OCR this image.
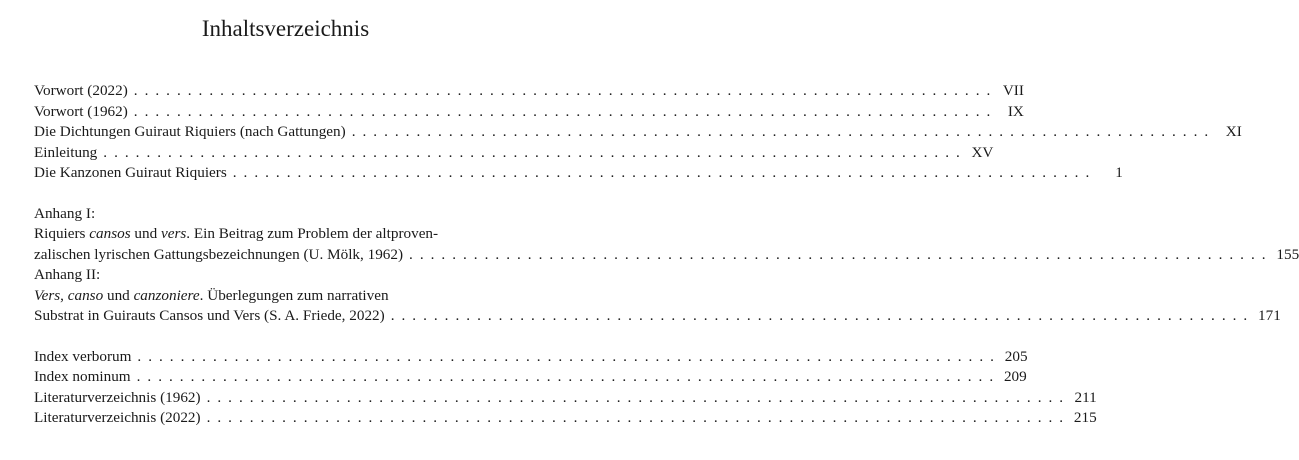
Inhaltsverzeichnis
Vorwort (2022) . . . . . . . . . . . . . . . . . . . . . . . . . . . . . . . . . . . . . . . . . . . . . . . . . . . . . . . . . . . . . . . . . . . . . . . . . . . . . . . . VII
Vorwort (1962) . . . . . . . . . . . . . . . . . . . . . . . . . . . . . . . . . . . . . . . . . . . . . . . . . . . . . . . . . . . . . . . . . . . . . . . . . . . . . . . .	IX
Die Dichtungen Guiraut Riquiers (nach Gattungen) . . . . . . . . . . . . . . . . . . . . . . . . . . . . . . . . . . . . . . . . . . . . . . . . . . . . . . . . . . . . . . . . . . . . . . . . . . . . . . . .	XI
Einleitung . . . . . . . . . . . . . . . . . . . . . . . . . . . . . . . . . . . . . . . . . . . . . . . . . . . . . . . . . . . . . . . . . . . . . . . . . . . . . . . . XV
Die Kanzonen Guiraut Riquiers . . . . . . . . . . . . . . . . . . . . . . . . . . . . . . . . . . . . . . . . . . . . . . . . . . . . . . . . . . . . . . . . . . . . . . . . . . . . . . . .	1
Anhang I:
Riquiers cansos und vers. Ein Beitrag zum Problem der altproven-
zalischen lyrischen Gattungsbezeichnungen (U. Mölk, 1962) . . . . . . . . . . . . . . . . . . . . . . . . . . . . . . . . . . . . . . . . . . . . . . . . . . . . . . . . . . . . . . . . . . . . . . . . . . . . . . . . 155
Anhang II:
Vers, canso und canzoniere. Überlegungen zum narrativen
Substrat in Guirauts Cansos und Vers (S. A. Friede, 2022) . . . . . . . . . . . . . . . . . . . . . . . . . . . . . . . . . . . . . . . . . . . . . . . . . . . . . . . . . . . . . . . . . . . . . . . . . . . . . . . . 171
Index verborum . . . . . . . . . . . . . . . . . . . . . . . . . . . . . . . . . . . . . . . . . . . . . . . . . . . . . . . . . . . . . . . . . . . . . . . . . . . . . . . . 205
Index nominum . . . . . . . . . . . . . . . . . . . . . . . . . . . . . . . . . . . . . . . . . . . . . . . . . . . . . . . . . . . . . . . . . . . . . . . . . . . . . . . . 209
Literaturverzeichnis (1962) . . . . . . . . . . . . . . . . . . . . . . . . . . . . . . . . . . . . . . . . . . . . . . . . . . . . . . . . . . . . . . . . . . . . . . . . . . . . . . . . 211
Literaturverzeichnis (2022) . . . . . . . . . . . . . . . . . . . . . . . . . . . . . . . . . . . . . . . . . . . . . . . . . . . . . . . . . . . . . . . . . . . . . . . . . . . . . . . . 215
